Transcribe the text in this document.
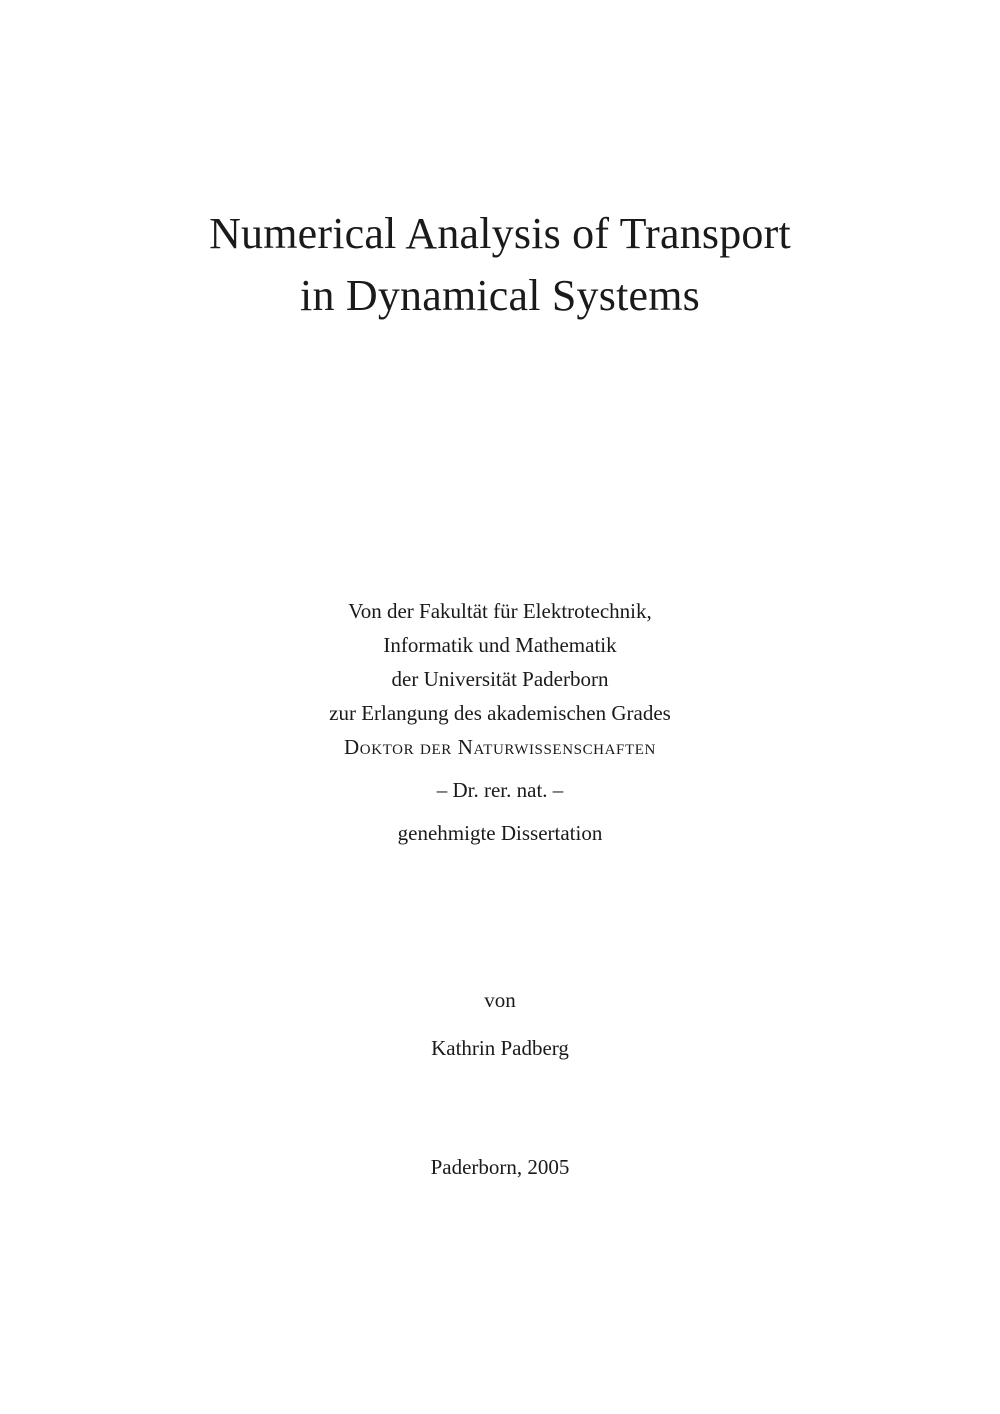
Numerical Analysis of Transport
in Dynamical Systems
Von der Fakultät für Elektrotechnik,
Informatik und Mathematik
der Universität Paderborn
zur Erlangung des akademischen Grades
Doktor der Naturwissenschaften
– Dr. rer. nat. –
genehmigte Dissertation
von
Kathrin Padberg
Paderborn, 2005
